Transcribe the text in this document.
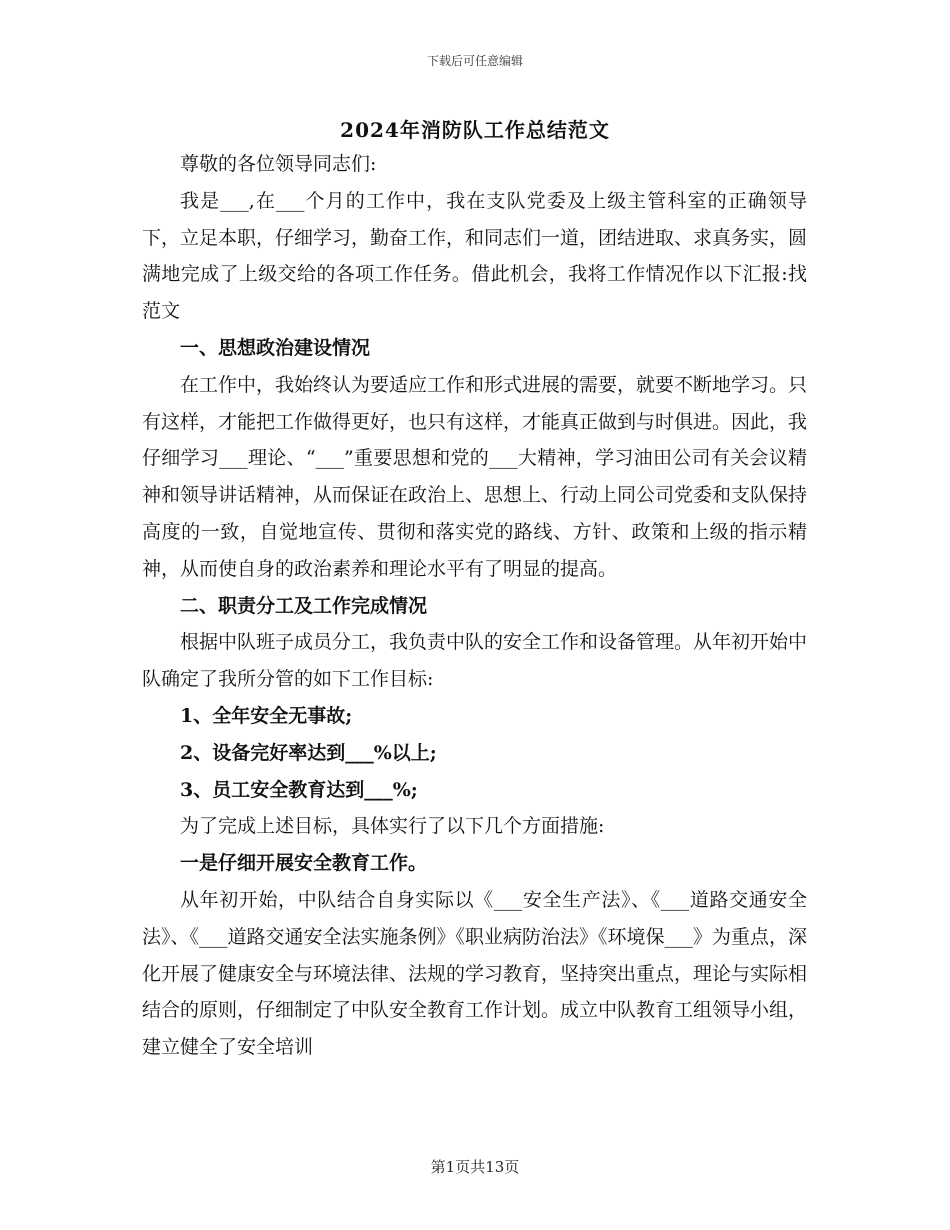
下载后可任意编辑
2024年消防队工作总结范文

尊敬的各位领导同志们:

我是___,在___个月的工作中，我在支队党委及上级主管科室的正确领导下，立足本职，仔细学习，勤奋工作，和同志们一道，团结进取、求真务实，圆满地完成了上级交给的各项工作任务。借此机会，我将工作情况作以下汇报:找范文

一、思想政治建设情况

在工作中，我始终认为要适应工作和形式进展的需要，就要不断地学习。只有这样，才能把工作做得更好，也只有这样，才能真正做到与时俱进。因此，我仔细学习___理论、“___”重要思想和党的___大精神，学习油田公司有关会议精神和领导讲话精神，从而保证在政治上、思想上、行动上同公司党委和支队保持高度的一致，自觉地宣传、贯彻和落实党的路线、方针、政策和上级的指示精神，从而使自身的政治素养和理论水平有了明显的提高。

二、职责分工及工作完成情况

根据中队班子成员分工，我负责中队的安全工作和设备管理。从年初开始中队确定了我所分管的如下工作目标:

1、全年安全无事故;

2、设备完好率达到___%以上;

3、员工安全教育达到___%;

为了完成上述目标，具体实行了以下几个方面措施:

一是仔细开展安全教育工作。

从年初开始，中队结合自身实际以《___安全生产法》、《___道路交通安全法》、《___道路交通安全法实施条例》《职业病防治法》《环境保___》为重点，深化开展了健康安全与环境法律、法规的学习教育，坚持突出重点，理论与实际相结合的原则，仔细制定了中队安全教育工作计划。成立中队教育工组领导小组，建立健全了安全培训

第1页共13页
